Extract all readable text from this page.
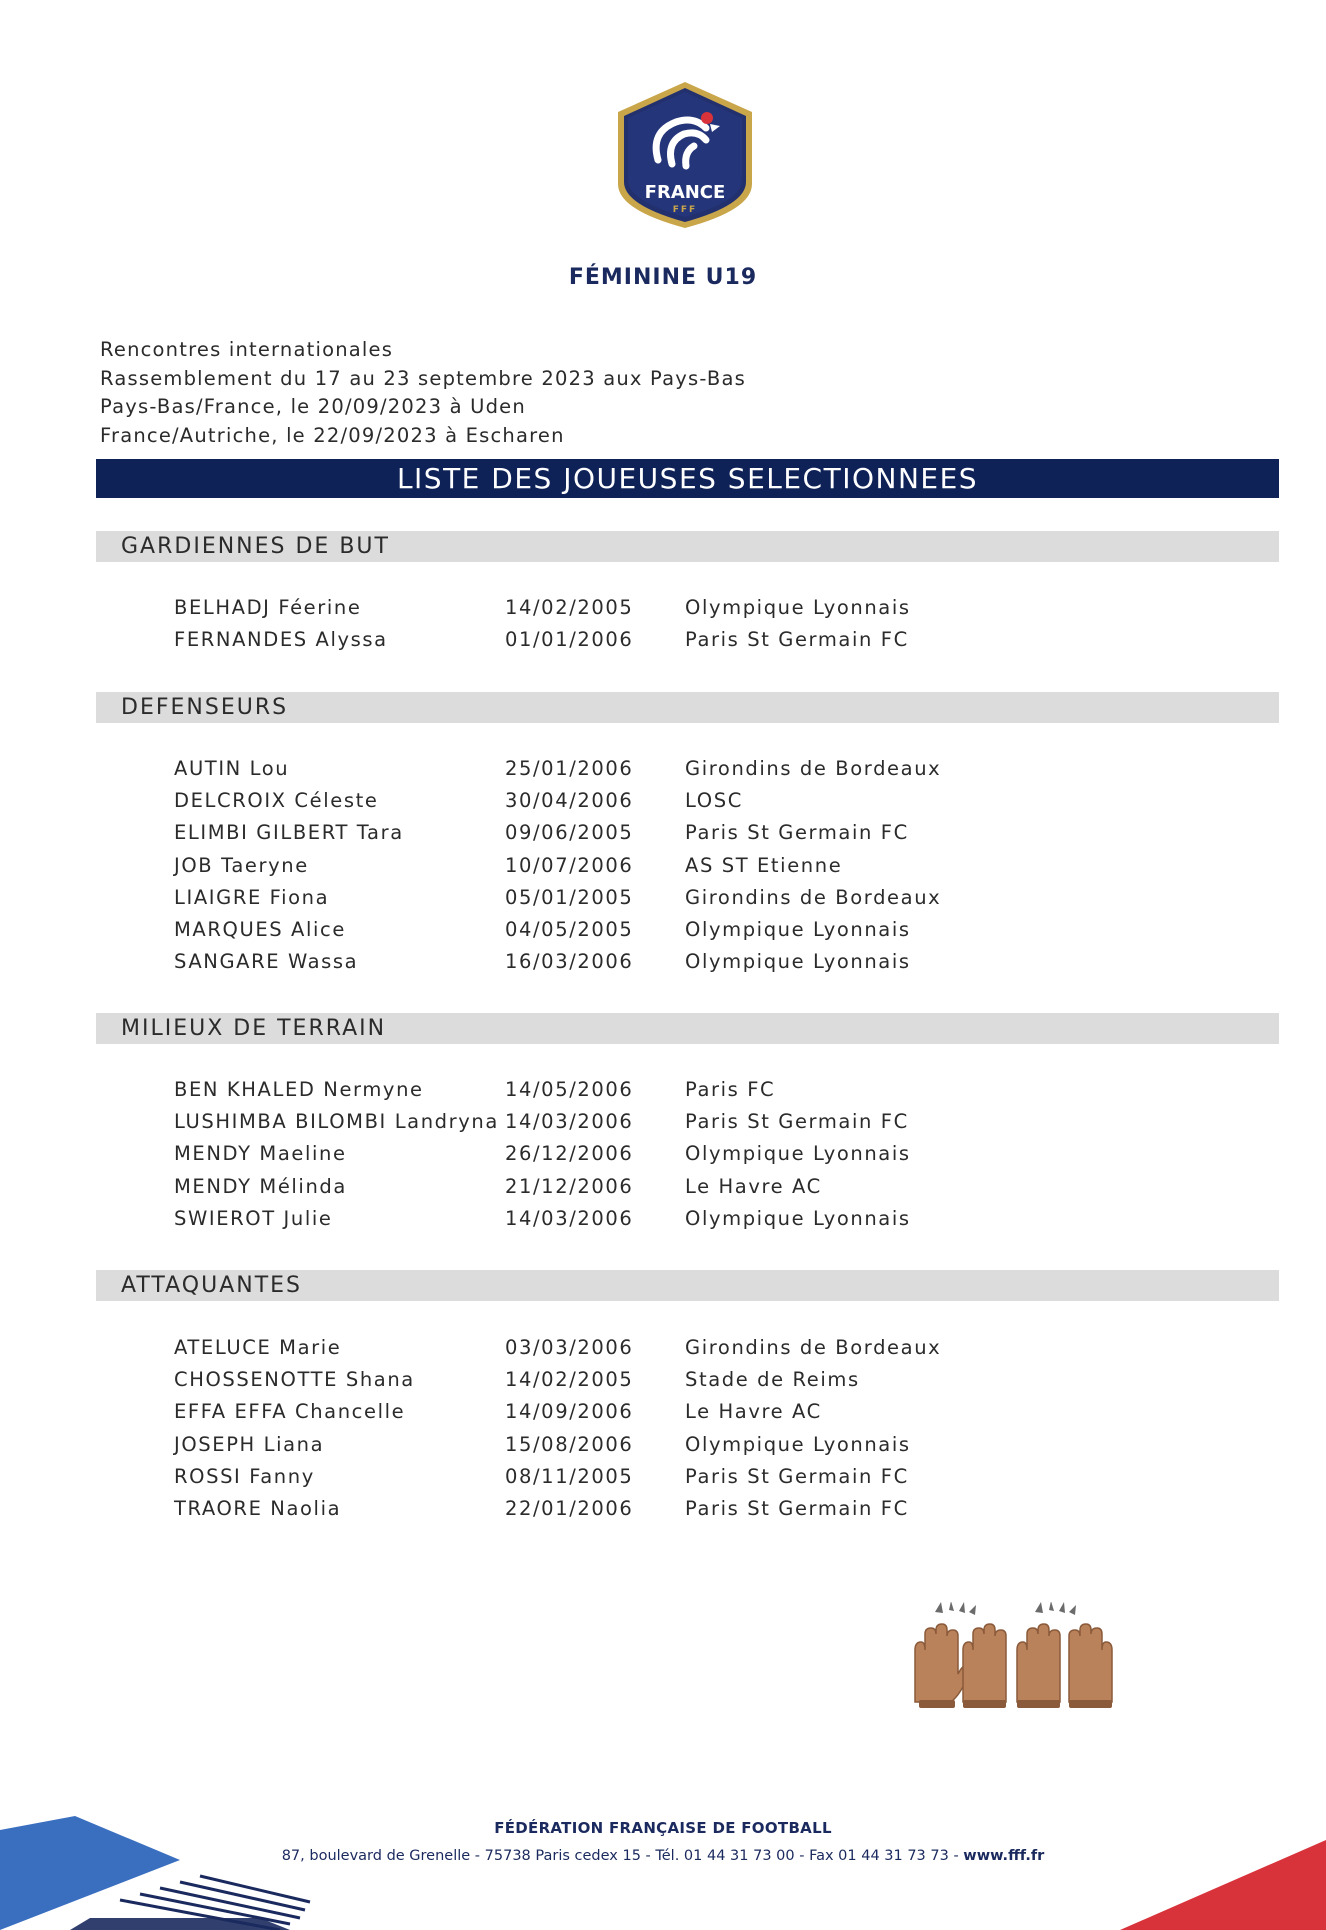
FRANCE
FFF
FÉMININE U19
Rencontres internationales
Rassemblement du 17 au 23 septembre 2023 aux Pays-Bas
Pays-Bas/France, le 20/09/2023 à Uden
France/Autriche, le 22/09/2023 à Escharen
LISTE DES JOUEUSES SELECTIONNEES
GARDIENNES DE BUT
BELHADJ Féerine	14/02/2005	Olympique Lyonnais
FERNANDES Alyssa	01/01/2006	Paris St Germain FC
DEFENSEURS
AUTIN Lou	25/01/2006	Girondins de Bordeaux
DELCROIX Céleste	30/04/2006	LOSC
ELIMBI GILBERT Tara	09/06/2005	Paris St Germain FC
JOB Taeryne	10/07/2006	AS ST Etienne
LIAIGRE Fiona	05/01/2005	Girondins de Bordeaux
MARQUES Alice	04/05/2005	Olympique Lyonnais
SANGARE Wassa	16/03/2006	Olympique Lyonnais
MILIEUX DE TERRAIN
BEN KHALED Nermyne	14/05/2006	Paris FC
LUSHIMBA BILOMBI Landryna 14/03/2006	Paris St Germain FC
MENDY Maeline	26/12/2006	Olympique Lyonnais
MENDY Mélinda	21/12/2006	Le Havre AC
SWIEROT Julie	14/03/2006	Olympique Lyonnais
ATTAQUANTES
ATELUCE Marie	03/03/2006	Girondins de Bordeaux
CHOSSENOTTE Shana	14/02/2005	Stade de Reims
EFFA EFFA Chancelle	14/09/2006	Le Havre AC
JOSEPH Liana	15/08/2006	Olympique Lyonnais
ROSSI Fanny	08/11/2005	Paris St Germain FC
TRAORE Naolia	22/01/2006	Paris St Germain FC
FÉDÉRATION FRANÇAISE DE FOOTBALL
87, boulevard de Grenelle - 75738 Paris cedex 15 - Tél. 01 44 31 73 00 - Fax 01 44 31 73 73 - www.fff.fr
